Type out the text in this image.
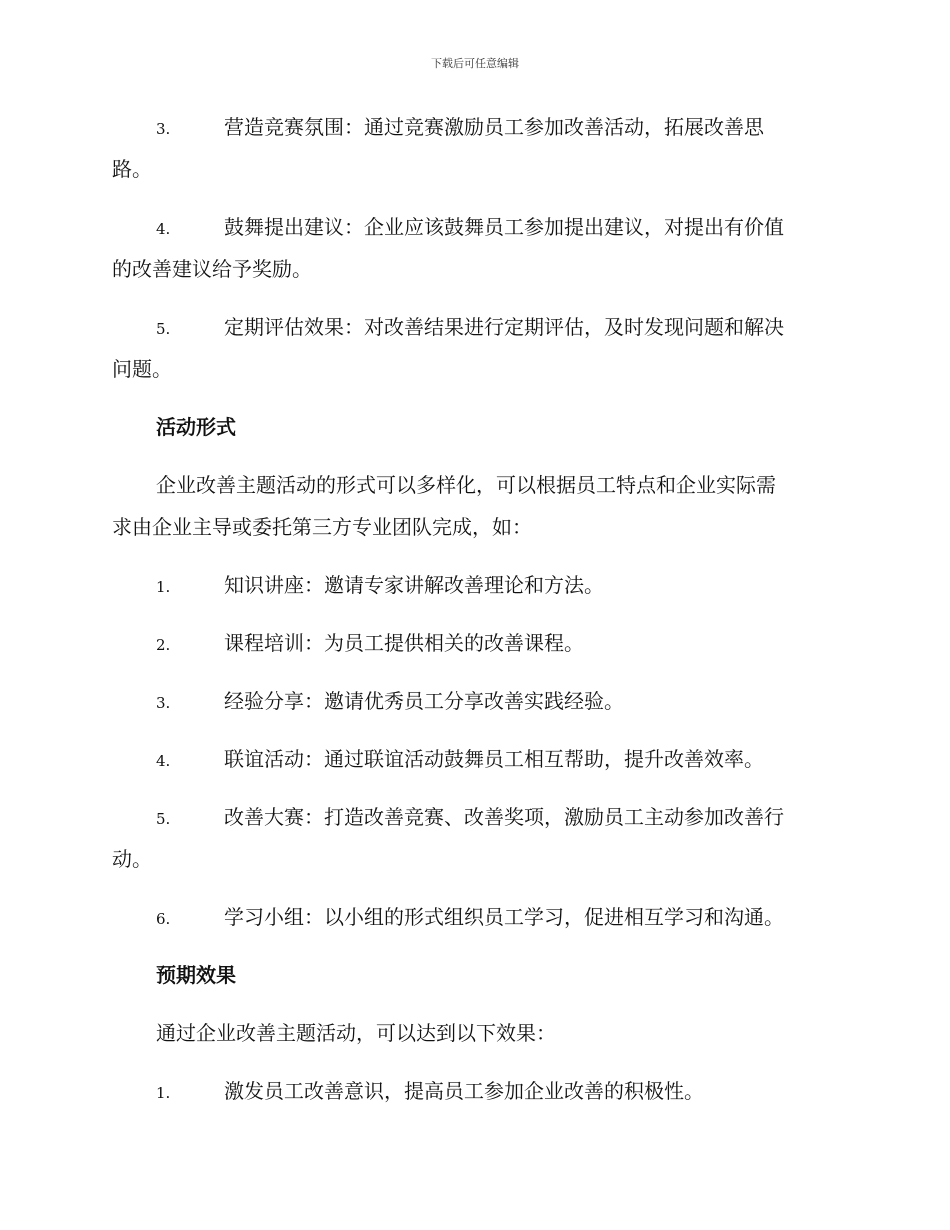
下载后可任意编辑
3.	营造竞赛氛围：通过竞赛激励员工参加改善活动，拓展改善思
路。
4.	鼓舞提出建议：企业应该鼓舞员工参加提出建议，对提出有价值
的改善建议给予奖励。
5.	定期评估效果：对改善结果进行定期评估，及时发现问题和解决
问题。
活动形式
企业改善主题活动的形式可以多样化，可以根据员工特点和企业实际需
求由企业主导或委托第三方专业团队完成，如：
1.	知识讲座：邀请专家讲解改善理论和方法。
2.	课程培训：为员工提供相关的改善课程。
3.	经验分享：邀请优秀员工分享改善实践经验。
4.	联谊活动：通过联谊活动鼓舞员工相互帮助，提升改善效率。
5.	改善大赛：打造改善竞赛、改善奖项，激励员工主动参加改善行
动。
6.	学习小组：以小组的形式组织员工学习，促进相互学习和沟通。
预期效果
通过企业改善主题活动，可以达到以下效果：
1.	激发员工改善意识，提高员工参加企业改善的积极性。
